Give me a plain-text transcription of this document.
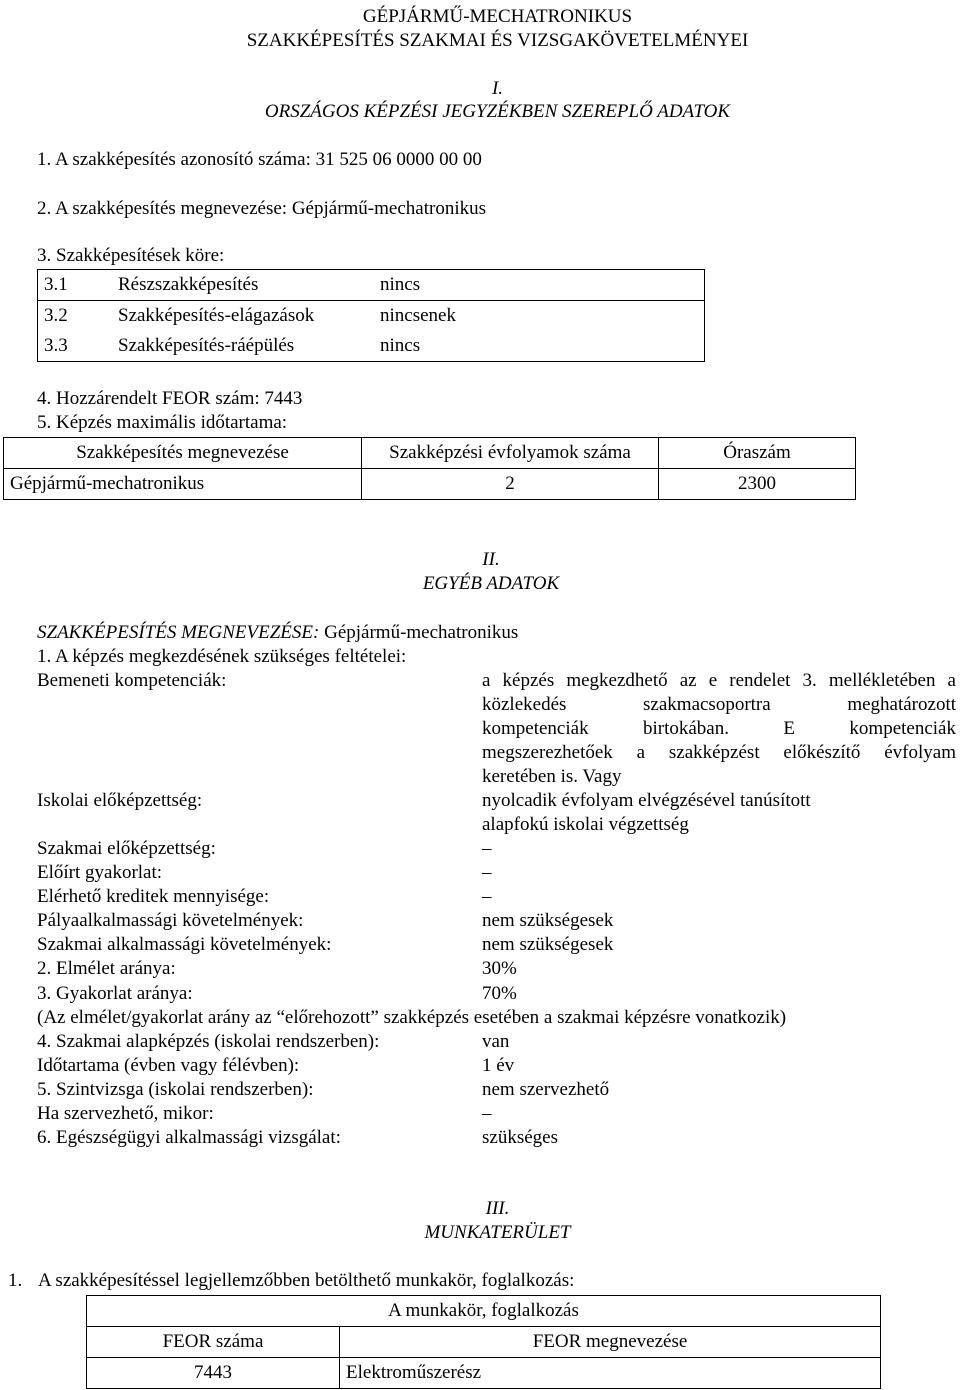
GÉPJÁRMŰ-MECHATRONIKUS
SZAKKÉPESÍTÉS SZAKMAI ÉS VIZSGAKÖVETELMÉNYEI
I.
ORSZÁGOS KÉPZÉSI JEGYZÉKBEN SZEREPLŐ ADATOK
1. A szakképesítés azonosító száma: 31 525 06 0000 00 00
2. A szakképesítés megnevezése: Gépjármű-mechatronikus
3. Szakképesítések köre:
3.1	Részszakképesítés	nincs
3.2	Szakképesítés-elágazások	nincsenek
3.3	Szakképesítés-ráépülés	nincs
4. Hozzárendelt FEOR szám: 7443
5. Képzés maximális időtartama:
Szakképesítés megnevezése	Szakképzési évfolyamok száma	Óraszám
Gépjármű-mechatronikus	2	2300
II.
EGYÉB ADATOK
SZAKKÉPESÍTÉS MEGNEVEZÉSE: Gépjármű-mechatronikus
1. A képzés megkezdésének szükséges feltételei:
Bemeneti kompetenciák:	a képzés megkezdhető az e rendelet 3. mellékletében a
közlekedés szakmacsoportra meghatározott
kompetenciák birtokában. E kompetenciák
megszerezhetőek a szakképzést előkészítő évfolyam
keretében is. Vagy
Iskolai előképzettség:	nyolcadik évfolyam elvégzésével tanúsított
alapfokú iskolai végzettség
Szakmai előképzettség:	–
Előírt gyakorlat:	–
Elérhető kreditek mennyisége:	–
Pályaalkalmassági követelmények:	nem szükségesek
Szakmai alkalmassági követelmények:	nem szükségesek
2. Elmélet aránya:	30%
3. Gyakorlat aránya:	70%
(Az elmélet/gyakorlat arány az “előrehozott” szakképzés esetében a szakmai képzésre vonatkozik)
4. Szakmai alapképzés (iskolai rendszerben):	van
Időtartama (évben vagy félévben):	1 év
5. Szintvizsga (iskolai rendszerben):	nem szervezhető
Ha szervezhető, mikor:	–
6. Egészségügyi alkalmassági vizsgálat:	szükséges
III.
MUNKATERÜLET
1. A szakképesítéssel legjellemzőbben betölthető munkakör, foglalkozás:
A munkakör, foglalkozás	
FEOR száma	FEOR megnevezése
7443	Elektroműszerész
